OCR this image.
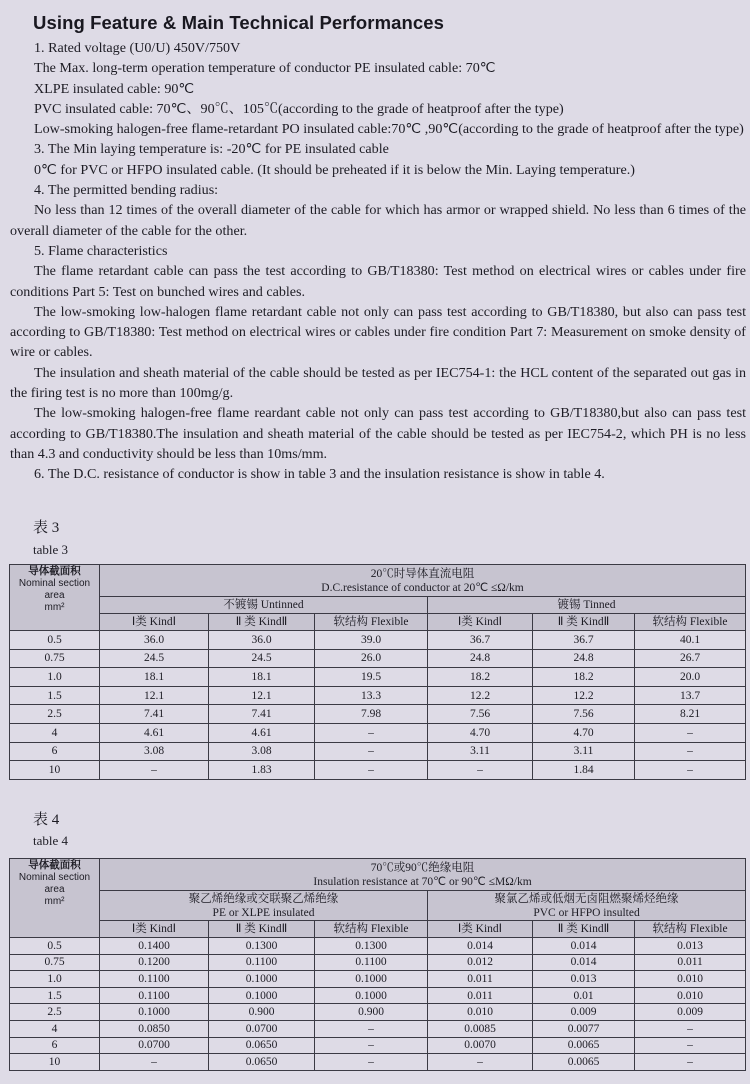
Using Feature & Main Technical Performances

1. Rated voltage (U0/U) 450V/750V

The Max. long-term operation temperature of conductor PE insulated cable: 70℃

XLPE insulated cable: 90℃

PVC insulated cable: 70℃、90℃、105℃(according to the grade of heatproof after the type)

Low-smoking halogen-free flame-retardant PO insulated cable:70℃ ,90℃(according to the grade of heatproof after the type)

3. The Min laying temperature is: -20℃ for PE insulated cable

0℃ for PVC or HFPO insulated cable. (It should be preheated if it is below the Min. Laying temperature.)

4. The permitted bending radius:

No less than 12 times of the overall diameter of the cable for which has armor or wrapped shield. No less than 6 times of the overall diameter of the cable for the other.

5. Flame characteristics

The flame retardant cable can pass the test according to GB/T18380: Test method on electrical wires or cables under fire conditions Part 5: Test on bunched wires and cables.

The low-smoking low-halogen flame retardant cable not only can pass test according to GB/T18380, but also can pass test according to GB/T18380: Test method on electrical wires or cables under fire condition Part 7: Measurement on smoke density of wire or cables.

The insulation and sheath material of the cable should be tested as per IEC754-1: the HCL content of the separated out gas in the firing test is no more than 100mg/g.

The low-smoking halogen-free flame reardant cable not only can pass test according to GB/T18380,but also can pass test according to GB/T18380.The insulation and sheath material of the cable should be tested as per IEC754-2, which PH is no less than 4.3 and conductivity should be less than 10ms/mm.

6. The D.C. resistance of conductor is show in table 3 and the insulation resistance is show in table 4.

表 3
table 3
导体截面积
Nominal section area
mm²	20℃时导体直流电阻
D.C.resistance of conductor at 20℃ ≤Ω/km					
	不镀锡 Untinned			镀锡 Tinned		
	Ⅰ类 KindⅠ	Ⅱ 类 KindⅡ	软结构 Flexible	Ⅰ类 KindⅠ	Ⅱ 类 KindⅡ	软结构 Flexible
0.5	36.0	36.0	39.0	36.7	36.7	40.1
0.75	24.5	24.5	26.0	24.8	24.8	26.7
1.0	18.1	18.1	19.5	18.2	18.2	20.0
1.5	12.1	12.1	13.3	12.2	12.2	13.7
2.5	7.41	7.41	7.98	7.56	7.56	8.21
4	4.61	4.61	–	4.70	4.70	–
6	3.08	3.08	–	3.11	3.11	–
10	–	1.83	–	–	1.84	–
表 4
table 4
导体截面积
Nominal section area
mm²	70℃或90℃绝缘电阻
Insulation resistance at 70℃ or 90℃ ≤MΩ/km					
	聚乙烯绝缘或交联聚乙烯绝缘
PE or XLPE insulated			聚氯乙烯或低烟无卤阻燃聚烯烃绝缘
PVC or HFPO insulted		
	Ⅰ类 KindⅠ	Ⅱ 类 KindⅡ	软结构 Flexible	Ⅰ类 KindⅠ	Ⅱ 类 KindⅡ	软结构 Flexible
0.5	0.1400	0.1300	0.1300	0.014	0.014	0.013
0.75	0.1200	0.1100	0.1100	0.012	0.014	0.011
1.0	0.1100	0.1000	0.1000	0.011	0.013	0.010
1.5	0.1100	0.1000	0.1000	0.011	0.01	0.010
2.5	0.1000	0.900	0.900	0.010	0.009	0.009
4	0.0850	0.0700	–	0.0085	0.0077	–
6	0.0700	0.0650	–	0.0070	0.0065	–
10	–	0.0650	–	–	0.0065	–
